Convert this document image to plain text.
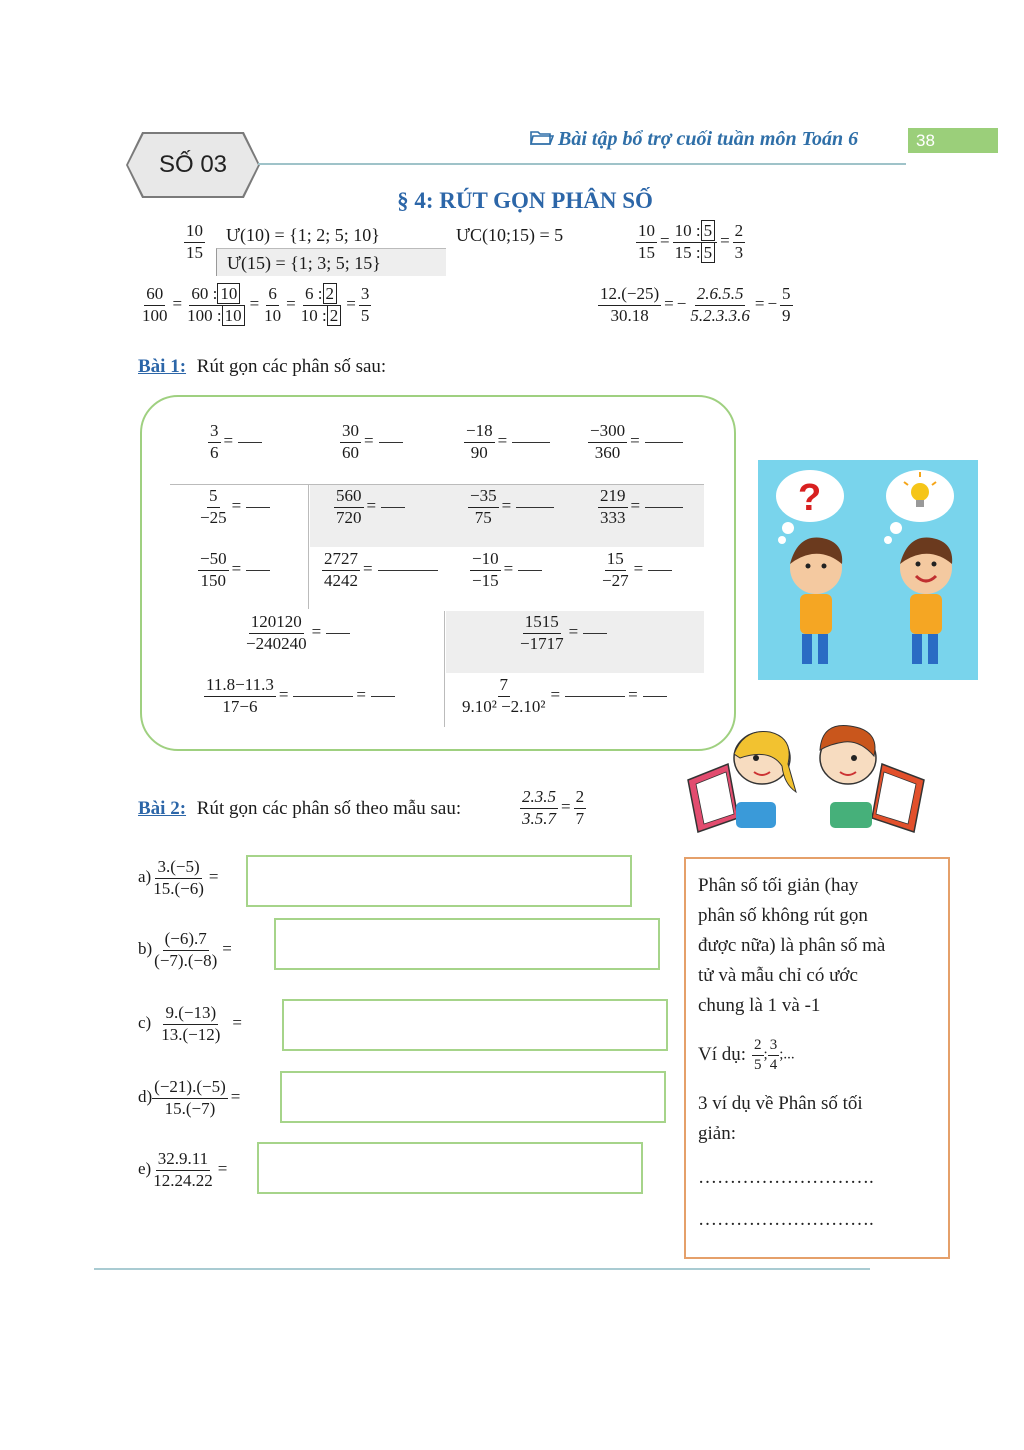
SỐ 03
Bài tập bổ trợ cuối tuần môn Toán 6	38
§ 4: RÚT GỌN PHÂN SỐ
$\frac{10}{15}$ Ư(10) = {1; 2; 5; 10}
Ư(15) = {1; 3; 5; 15}
ƯC(10;15) = 5	$\frac{10}{15} = \frac{10 : 5}{15 : 5} = \frac{2}{3}$
$\frac{60}{100} = \frac{60 : 10}{100 : 10} = \frac{6}{10} = \frac{6 : 2}{10 : 2} = \frac{3}{5}$	$\frac{12.(-25)}{30.18}$ = − $\frac{2.6.5.5}{5.2.3.3.6}$ = − $\frac{5}{9}$
Bài 1: Rút gọn các phân số sau:
$\frac{3}{6}$ =	$\frac{30}{60}$ =	$\frac{-18}{90}$ =	$\frac{-300}{360}$ =
$\frac{5}{-25}$ =	$\frac{560}{720}$ =	$\frac{-35}{75}$ =	$\frac{219}{333}$ =
$\frac{-50}{150}$ =	$\frac{2727}{4242}$ =	$\frac{-10}{-15}$ =	$\frac{15}{-27}$ =
$\frac{120120}{-240240}$ =	$\frac{1515}{-1717}$ =
$\frac{11.8-11.3}{17-6}$ =	=	$\frac{7}{\text{9.10² −2.10²}}$ =	=
?
Bài 2: Rút gọn các phân số theo mẫu sau:	$\frac{2.3.5}{3.5.7} = \frac{2}{7}$
$a) \frac{3.(-5)}{15.(-6)}$ =
$b) \frac{(-6).7}{(-7).(-8)}$ =
$c) \frac{9.(-13)}{13.(-12)}$ =
$d) \frac{(-21).(-5)}{15.(-7)}$ =
$e) \frac{32.9.11}{12.24.22}$ =
Phân số tối giản (hay
phân số không rút gọn
được nữa) là phân số mà
tử và mẫu chỉ có ước
chung là 1 và -1
Ví dụ: $\frac{2}{5}$ ; $\frac{3}{4}$ ;...
3 ví dụ về Phân số tối
giản:
……………………….
……………………….
